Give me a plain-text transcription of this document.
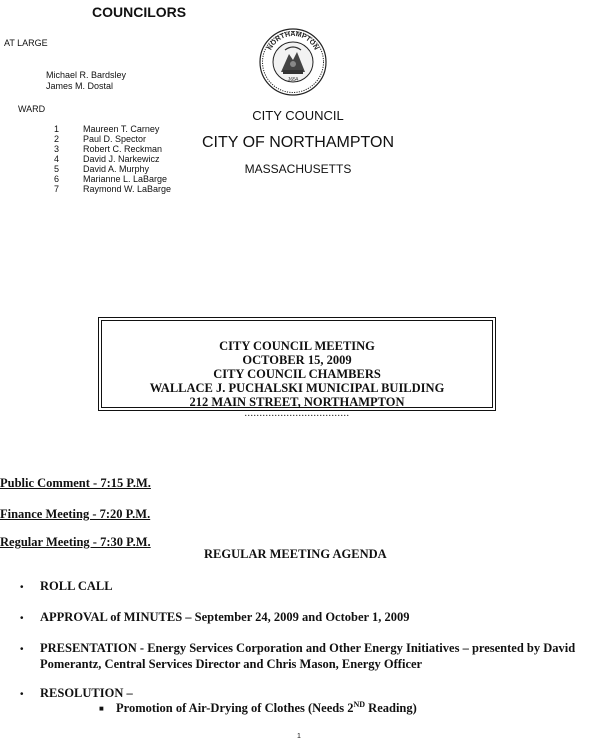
COUNCILORS
AT LARGE
Michael R. Bardsley
James M. Dostal
WARD
1	Maureen T. Carney
2	Paul D. Spector
3	Robert C. Reckman
4	David J. Narkewicz
5	David A. Murphy
6	Marianne L. LaBarge
7	Raymond W. LaBarge
NORTHAMPTON
1654
CITY COUNCIL
CITY OF NORTHAMPTON
MASSACHUSETTS
CITY COUNCIL MEETING
OCTOBER 15, 2009
CITY COUNCIL CHAMBERS
WALLACE J. PUCHALSKI MUNICIPAL BUILDING
212 MAIN STREET, NORTHAMPTON
...................................
Public Comment - 7:15 P.M.
Finance Meeting - 7:20 P.M.
Regular Meeting - 7:30 P.M.
REGULAR MEETING AGENDA
• ROLL CALL
• APPROVAL of MINUTES – September 24, 2009 and October 1, 2009
• PRESENTATION - Energy Services Corporation and Other Energy Initiatives – presented by David Pomerantz, Central Services Director and Chris Mason, Energy Officer
• RESOLUTION –
■ Promotion of Air-Drying of Clothes (Needs 2ND Reading)
1
